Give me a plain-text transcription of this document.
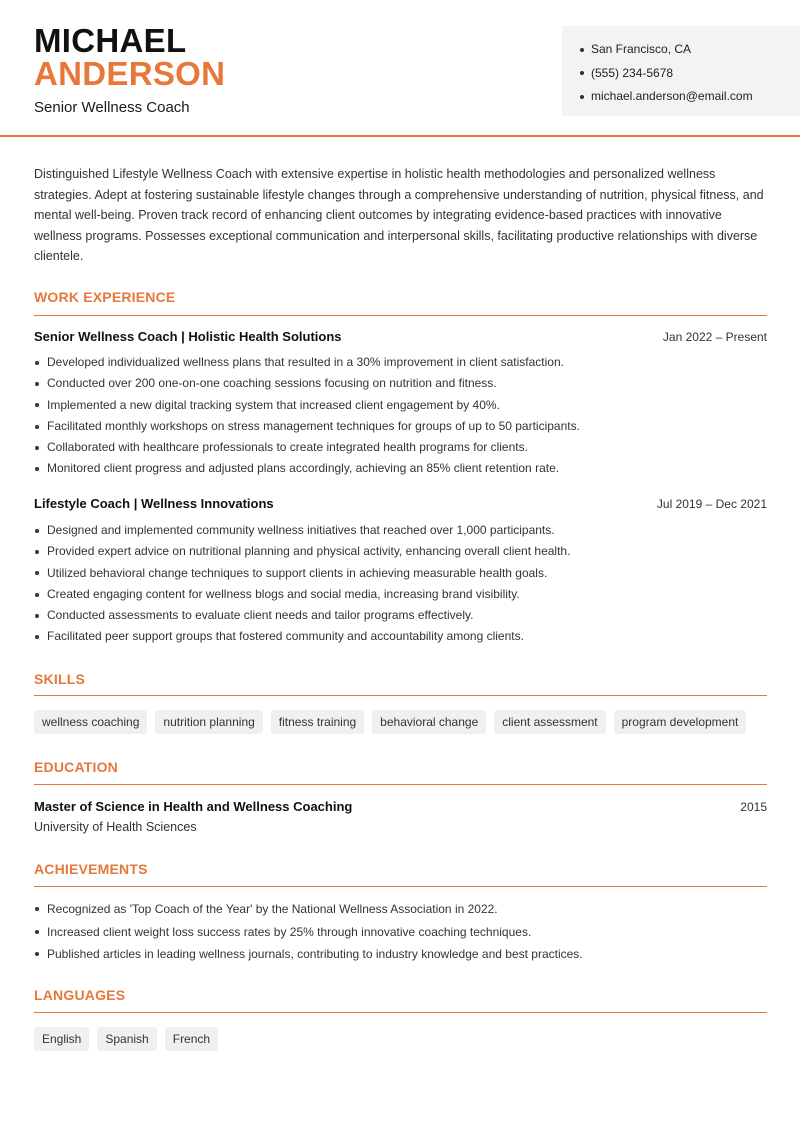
MICHAEL
ANDERSON
Senior Wellness Coach
San Francisco, CA
(555) 234-5678
michael.anderson@email.com

Distinguished Lifestyle Wellness Coach with extensive expertise in holistic health methodologies and personalized wellness strategies. Adept at fostering sustainable lifestyle changes through a comprehensive understanding of nutrition, physical fitness, and mental well-being. Proven track record of enhancing client outcomes by integrating evidence-based practices with innovative wellness programs. Possesses exceptional communication and interpersonal skills, facilitating productive relationships with diverse clientele.

WORK EXPERIENCE
Senior Wellness Coach | Holistic Health Solutions	Jan 2022 – Present
Developed individualized wellness plans that resulted in a 30% improvement in client satisfaction.
Conducted over 200 one-on-one coaching sessions focusing on nutrition and fitness.
Implemented a new digital tracking system that increased client engagement by 40%.
Facilitated monthly workshops on stress management techniques for groups of up to 50 participants.
Collaborated with healthcare professionals to create integrated health programs for clients.
Monitored client progress and adjusted plans accordingly, achieving an 85% client retention rate.
Lifestyle Coach | Wellness Innovations	Jul 2019 – Dec 2021
Designed and implemented community wellness initiatives that reached over 1,000 participants.
Provided expert advice on nutritional planning and physical activity, enhancing overall client health.
Utilized behavioral change techniques to support clients in achieving measurable health goals.
Created engaging content for wellness blogs and social media, increasing brand visibility.
Conducted assessments to evaluate client needs and tailor programs effectively.
Facilitated peer support groups that fostered community and accountability among clients.
SKILLS
wellness coaching	nutrition planning	fitness training	behavioral change	client assessment	program development
EDUCATION
Master of Science in Health and Wellness Coaching	2015
University of Health Sciences
ACHIEVEMENTS
Recognized as 'Top Coach of the Year' by the National Wellness Association in 2022.
Increased client weight loss success rates by 25% through innovative coaching techniques.
Published articles in leading wellness journals, contributing to industry knowledge and best practices.
LANGUAGES
English	Spanish	French
